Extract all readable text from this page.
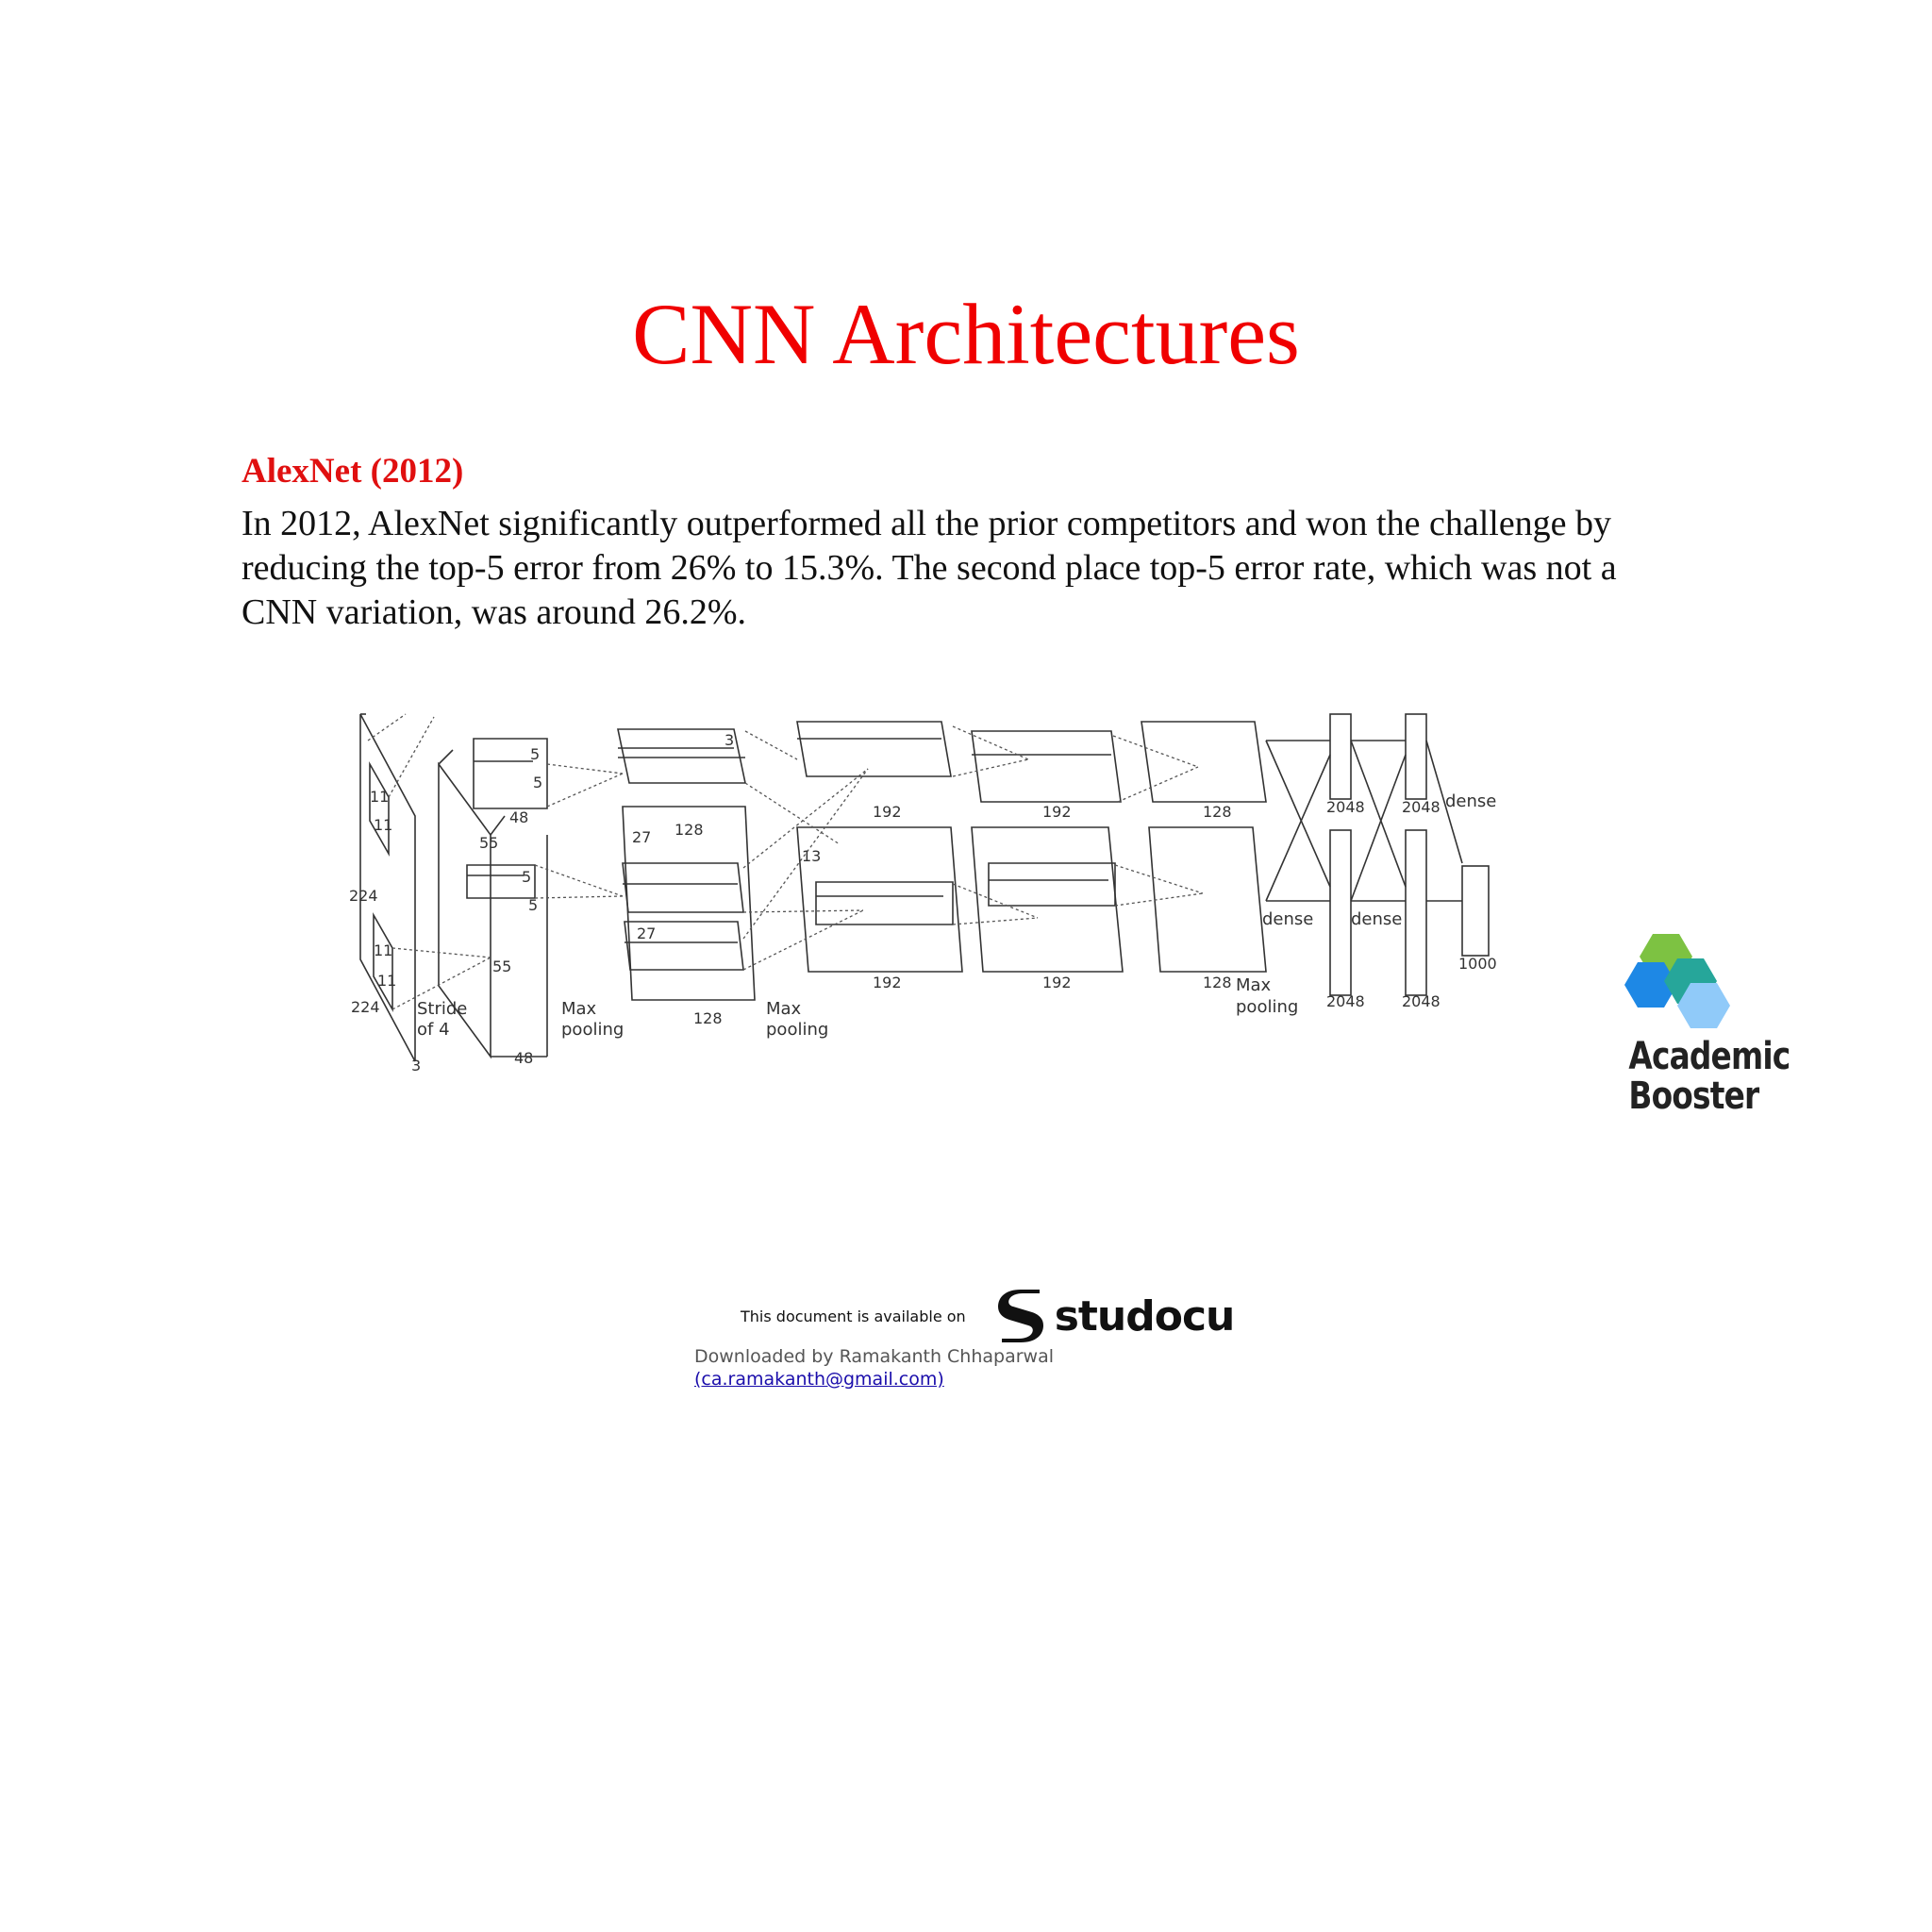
CNN Architectures
AlexNet (2012)
In 2012, AlexNet significantly outperformed all the prior competitors and won the challenge by reducing the top-5 error from 26% to 15.3%. The second place top-5 error rate, which was not a CNN variation, was around 26.2%.
224
224
3
11
11
11
11
Stride
of 4
55
55
48
48
5
5
5
5
Max
pooling
27
27
128
128
3
Max
pooling
13
192
192
192
192
128
128
Max
pooling
2048
2048
2048
2048
dense dense
dense
1000
Academic
Booster
This document is available on studocu
Downloaded by Ramakanth Chhaparwal
(ca.ramakanth@gmail.com)
